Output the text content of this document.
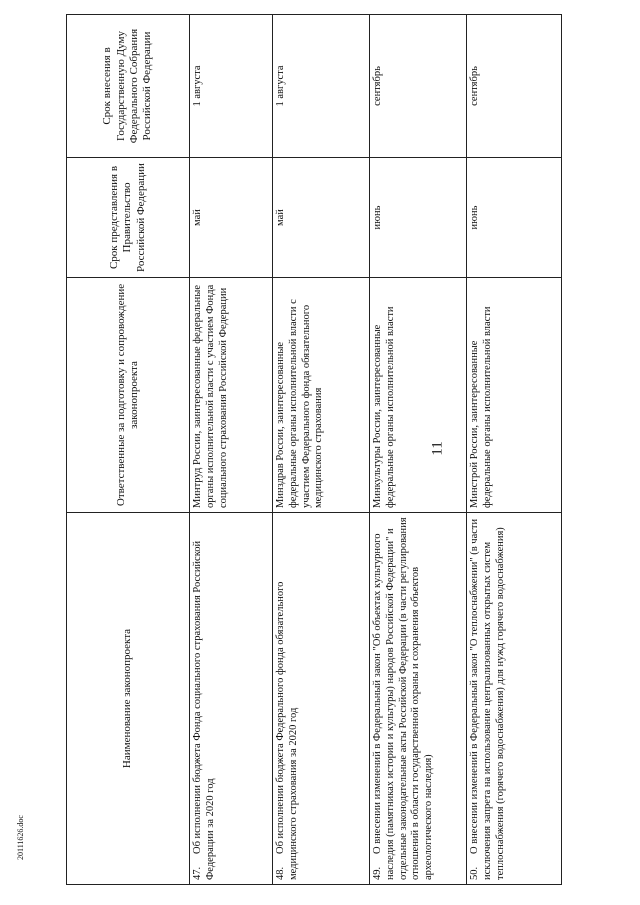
11
Наименование законопроекта	Ответственные за подготовку и сопровождение законопроекта	Срок представления в Правительство Российской Федерации	Срок внесения в Государственную Думу Федерального Собрания Российской Федерации
47.Об исполнении бюджета Фонда социального страхования Российской Федерации за 2020 год	Минтруд России, заинтересованные федеральные органы исполнительной власти с участием Фонда социального страхования Российской Федерации	май	1 августа
48.Об исполнении бюджета Федерального фонда обязательного медицинского страхования за 2020 год	Минздрав России, заинтересованные федеральные органы исполнительной власти с участием Федерального фонда обязательного медицинского страхования	май	1 августа
49.О внесении изменений в Федеральный закон "Об объектах культурного наследия (памятниках истории и культуры) народов Российской Федерации" и отдельные законодательные акты Российской Федерации (в части регулирования отношений в области государственной охраны и сохранения объектов археологического наследия)	Минкультуры России, заинтересованные федеральные органы исполнительной власти	июнь	сентябрь
50.О внесении изменений в Федеральный закон "О теплоснабжении" (в части исключения запрета на использование централизованных открытых систем теплоснабжения (горячего водоснабжения) для нужд горячего водоснабжения)	Минстрой России, заинтересованные федеральные органы исполнительной власти	июнь	сентябрь
20111626.doc
